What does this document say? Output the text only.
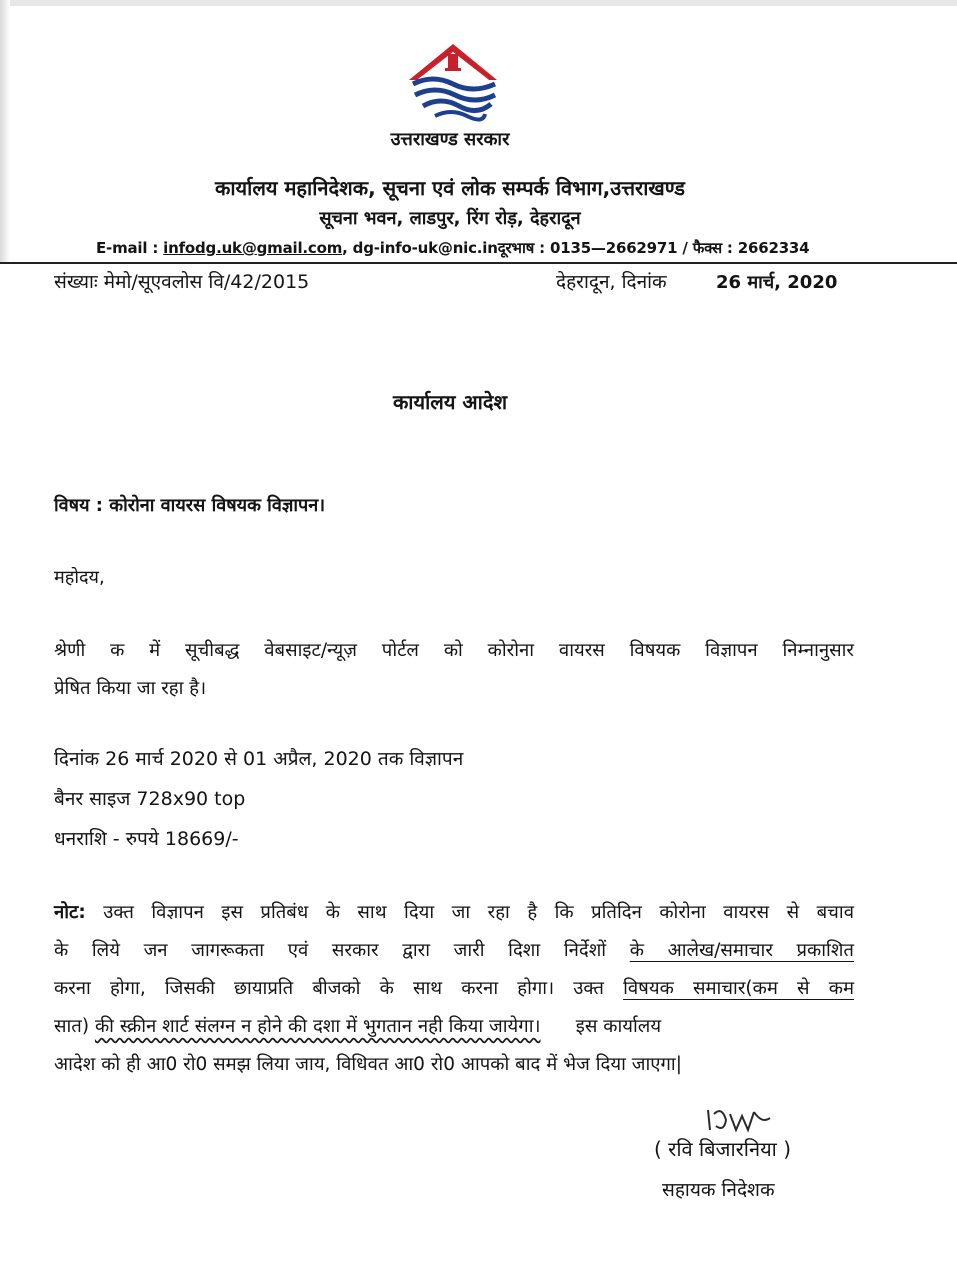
उत्तराखण्ड सरकार
कार्यालय महानिदेशक, सूचना एवं लोक सम्पर्क विभाग,उत्तराखण्ड
सूचना भवन, लाडपुर, रिंग रोड़, देहरादून
E-mail : infodg.uk@gmail.com, dg-info-uk@nic.inदूरभाष : 0135—2662971 / फैक्स : 2662334
संख्याः मेमो/सूएवलोस वि/42/2015	देहरादून, दिनांक	26 मार्च, 2020
कार्यालय आदेश
विषय : कोरोना वायरस विषयक विज्ञापन।
महोदय,
श्रेणी क में सूचीबद्ध वेबसाइट/न्यूज़ पोर्टल को कोरोना वायरस विषयक विज्ञापन निम्नानुसार
प्रेषित किया जा रहा है।
दिनांक 26 मार्च 2020 से 01 अप्रैल, 2020 तक विज्ञापन
बैनर साइज 728x90 top
धनराशि - रुपये 18669/-
नोट: उक्त विज्ञापन इस प्रतिबंध के साथ दिया जा रहा है कि प्रतिदिन कोरोना वायरस से बचाव
के लिये जन जागरूकता एवं सरकार द्वारा जारी दिशा निर्देशों के आलेख/समाचार प्रकाशित
करना होगा, जिसकी छायाप्रति बीजको के साथ करना होगा। उक्त विषयक समाचार(कम से कम
सात) की स्क्रीन शार्ट संलग्न न होने की दशा में भुगतान नही किया जायेगा।      इस कार्यालय
आदेश को ही आ0 रो0 समझ लिया जाय, विधिवत आ0 रो0 आपको बाद में भेज दिया जाएगा|
( रवि बिजारनिया )
सहायक निदेशक
